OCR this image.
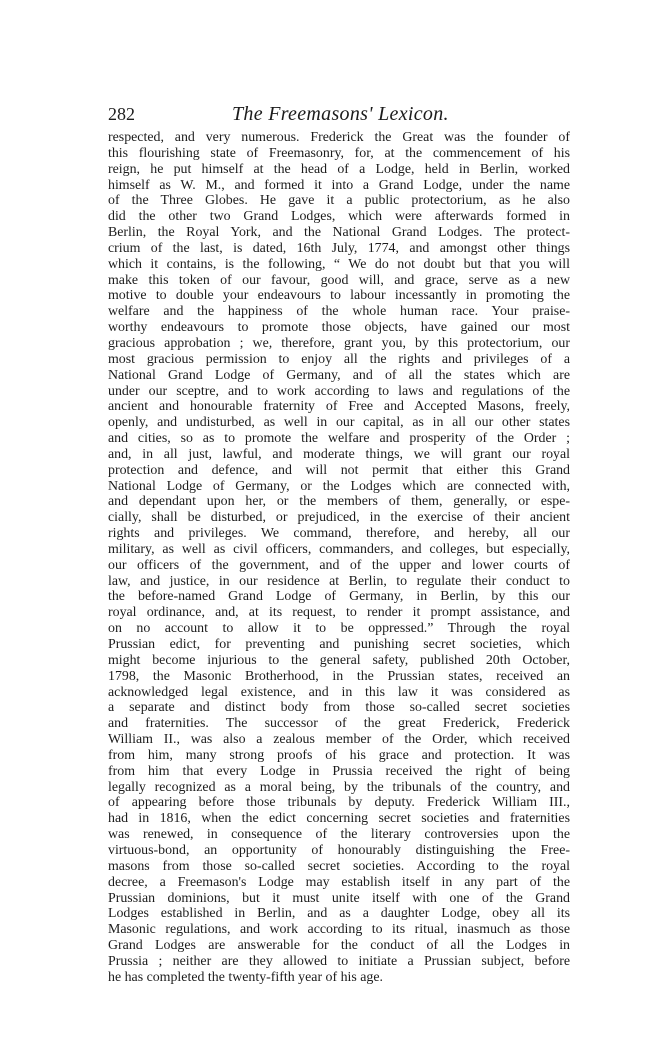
282	The Freemasons' Lexicon.
respected, and very numerous. Frederick the Great was the founder of
this flourishing state of Freemasonry, for, at the commencement of his
reign, he put himself at the head of a Lodge, held in Berlin, worked
himself as W. M., and formed it into a Grand Lodge, under the name
of the Three Globes. He gave it a public protectorium, as he also
did the other two Grand Lodges, which were afterwards formed in
Berlin, the Royal York, and the National Grand Lodges. The protect-
crium of the last, is dated, 16th July, 1774, and amongst other things
which it contains, is the following, “ We do not doubt but that you will
make this token of our favour, good will, and grace, serve as a new
motive to double your endeavours to labour incessantly in promoting the
welfare and the happiness of the whole human race. Your praise-
worthy endeavours to promote those objects, have gained our most
gracious approbation ; we, therefore, grant you, by this protectorium, our
most gracious permission to enjoy all the rights and privileges of a
National Grand Lodge of Germany, and of all the states which are
under our sceptre, and to work according to laws and regulations of the
ancient and honourable fraternity of Free and Accepted Masons, freely,
openly, and undisturbed, as well in our capital, as in all our other states
and cities, so as to promote the welfare and prosperity of the Order ;
and, in all just, lawful, and moderate things, we will grant our royal
protection and defence, and will not permit that either this Grand
National Lodge of Germany, or the Lodges which are connected with,
and dependant upon her, or the members of them, generally, or espe-
cially, shall be disturbed, or prejudiced, in the exercise of their ancient
rights and privileges. We command, therefore, and hereby, all our
military, as well as civil officers, commanders, and colleges, but especially,
our officers of the government, and of the upper and lower courts of
law, and justice, in our residence at Berlin, to regulate their conduct to
the before-named Grand Lodge of Germany, in Berlin, by this our
royal ordinance, and, at its request, to render it prompt assistance, and
on no account to allow it to be oppressed.” Through the royal
Prussian edict, for preventing and punishing secret societies, which
might become injurious to the general safety, published 20th October,
1798, the Masonic Brotherhood, in the Prussian states, received an
acknowledged legal existence, and in this law it was considered as
a separate and distinct body from those so-called secret societies
and fraternities. The successor of the great Frederick, Frederick
William II., was also a zealous member of the Order, which received
from him, many strong proofs of his grace and protection. It was
from him that every Lodge in Prussia received the right of being
legally recognized as a moral being, by the tribunals of the country, and
of appearing before those tribunals by deputy. Frederick William III.,
had in 1816, when the edict concerning secret societies and fraternities
was renewed, in consequence of the literary controversies upon the
virtuous-bond, an opportunity of honourably distinguishing the Free-
masons from those so-called secret societies. According to the royal
decree, a Freemason's Lodge may establish itself in any part of the
Prussian dominions, but it must unite itself with one of the Grand
Lodges established in Berlin, and as a daughter Lodge, obey all its
Masonic regulations, and work according to its ritual, inasmuch as those
Grand Lodges are answerable for the conduct of all the Lodges in
Prussia ; neither are they allowed to initiate a Prussian subject, before
he has completed the twenty-fifth year of his age.
